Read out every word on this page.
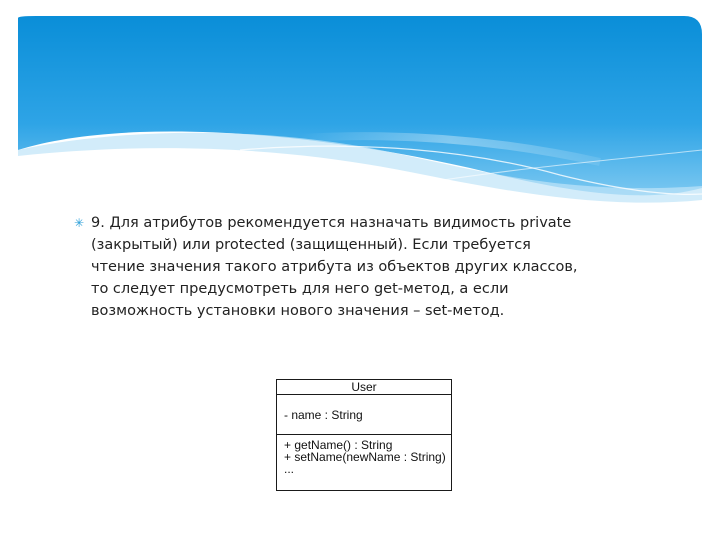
✳ 9. Для атрибутов рекомендуется назначать видимость private
(закрытый) или protected (защищенный). Если требуется
чтение значения такого атрибута из объектов других классов,
то следует предусмотреть для него get-метод, а если
возможность установки нового значения – set-метод.
User
- name : String
+ getName() : String
+ setName(newName : String)
...
